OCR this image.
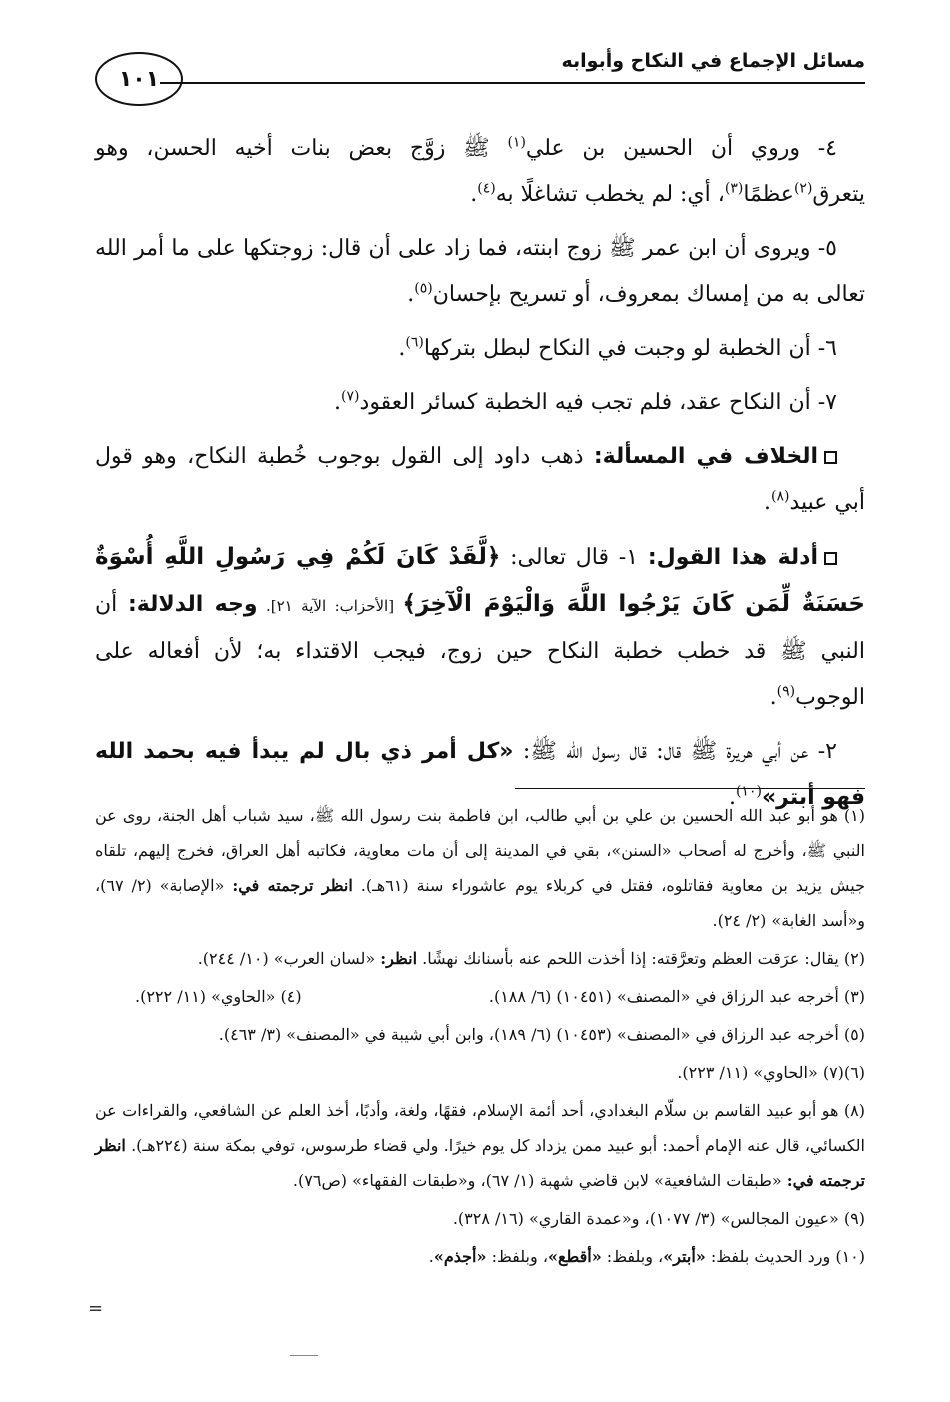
مسائل الإجماع في النكاح وأبوابه
١٠١

٤- وروي أن الحسين بن علي$^{(١)}$ ﷺ زوَّج بعض بنات أخيه الحسن، وهو يتعرق$^{(٢)}$عظمًا$^{(٣)}$، أي: لم يخطب تشاغلًا به$^{(٤)}$.

٥- ويروى أن ابن عمر ﷺ زوج ابنته، فما زاد على أن قال: زوجتكها على ما أمر الله تعالى به من إمساك بمعروف، أو تسريح بإحسان$^{(٥)}$.

٦- أن الخطبة لو وجبت في النكاح لبطل بتركها$^{(٦)}$.

٧- أن النكاح عقد، فلم تجب فيه الخطبة كسائر العقود$^{(٧)}$.

الخلاف في المسألة: ذهب داود إلى القول بوجوب خُطبة النكاح، وهو قول أبي عبيد$^{(٨)}$.

أدلة هذا القول: ١- قال تعالى: ﴿لَّقَدْ كَانَ لَكُمْ فِي رَسُولِ اللَّهِ أُسْوَةٌ حَسَنَةٌ لِّمَن كَانَ يَرْجُوا اللَّهَ وَالْيَوْمَ الْآخِرَ﴾ [الأحزاب: الآية ٢١]. وجه الدلالة: أن النبي ﷺ قد خطب خطبة النكاح حين زوج، فيجب الاقتداء به؛ لأن أفعاله على الوجوب$^{(٩)}$.

٢- عن أبي هريرة ﷺ قال: قال رسول الله ﷺ: «كل أمر ذي بال لم يبدأ فيه بحمد الله فهو أبتر»$^{(١٠)}$.

(١) هو أبو عبد الله الحسين بن علي بن أبي طالب، ابن فاطمة بنت رسول الله ﷺ، سيد شباب أهل الجنة، روى عن النبي ﷺ، وأخرج له أصحاب «السنن»، بقي في المدينة إلى أن مات معاوية، فكاتبه أهل العراق، فخرج إليهم، تلقاه جيش يزيد بن معاوية فقاتلوه، فقتل في كربلاء يوم عاشوراء سنة (٦١هـ). انظر ترجمته في: «الإصابة» (٢/ ٦٧)، و«أسد الغابة» (٢/ ٢٤).

(٢) يقال: عرَقت العظم وتعرَّقته: إذا أخذت اللحم عنه بأسنانك نهشًا. انظر: «لسان العرب» (١٠/ ٢٤٤).

(٣) أخرجه عبد الرزاق في «المصنف» (١٠٤٥١) (٦/ ١٨٨).
(٤) «الحاوي» (١١/ ٢٢٢).

(٥) أخرجه عبد الرزاق في «المصنف» (١٠٤٥٣) (٦/ ١٨٩)، وابن أبي شيبة في «المصنف» (٣/ ٤٦٣).

(٦)(٧) «الحاوي» (١١/ ٢٢٣).

(٨) هو أبو عبيد القاسم بن سلّام البغدادي، أحد أئمة الإسلام، فقهًا، ولغة، وأدبًا، أخذ العلم عن الشافعي، والقراءات عن الكسائي، قال عنه الإمام أحمد: أبو عبيد ممن يزداد كل يوم خيرًا. ولي قضاء طرسوس، توفي بمكة سنة (٢٢٤هـ). انظر ترجمته في: «طبقات الشافعية» لابن قاضي شهبة (١/ ٦٧)، و«طبقات الفقهاء» (ص٧٦).

(٩) «عيون المجالس» (٣/ ١٠٧٧)، و«عمدة القاري» (١٦/ ٣٢٨).

(١٠) ورد الحديث بلفظ: «أبتر»، وبلفظ: «أقطع»، وبلفظ: «أجذم».

=
